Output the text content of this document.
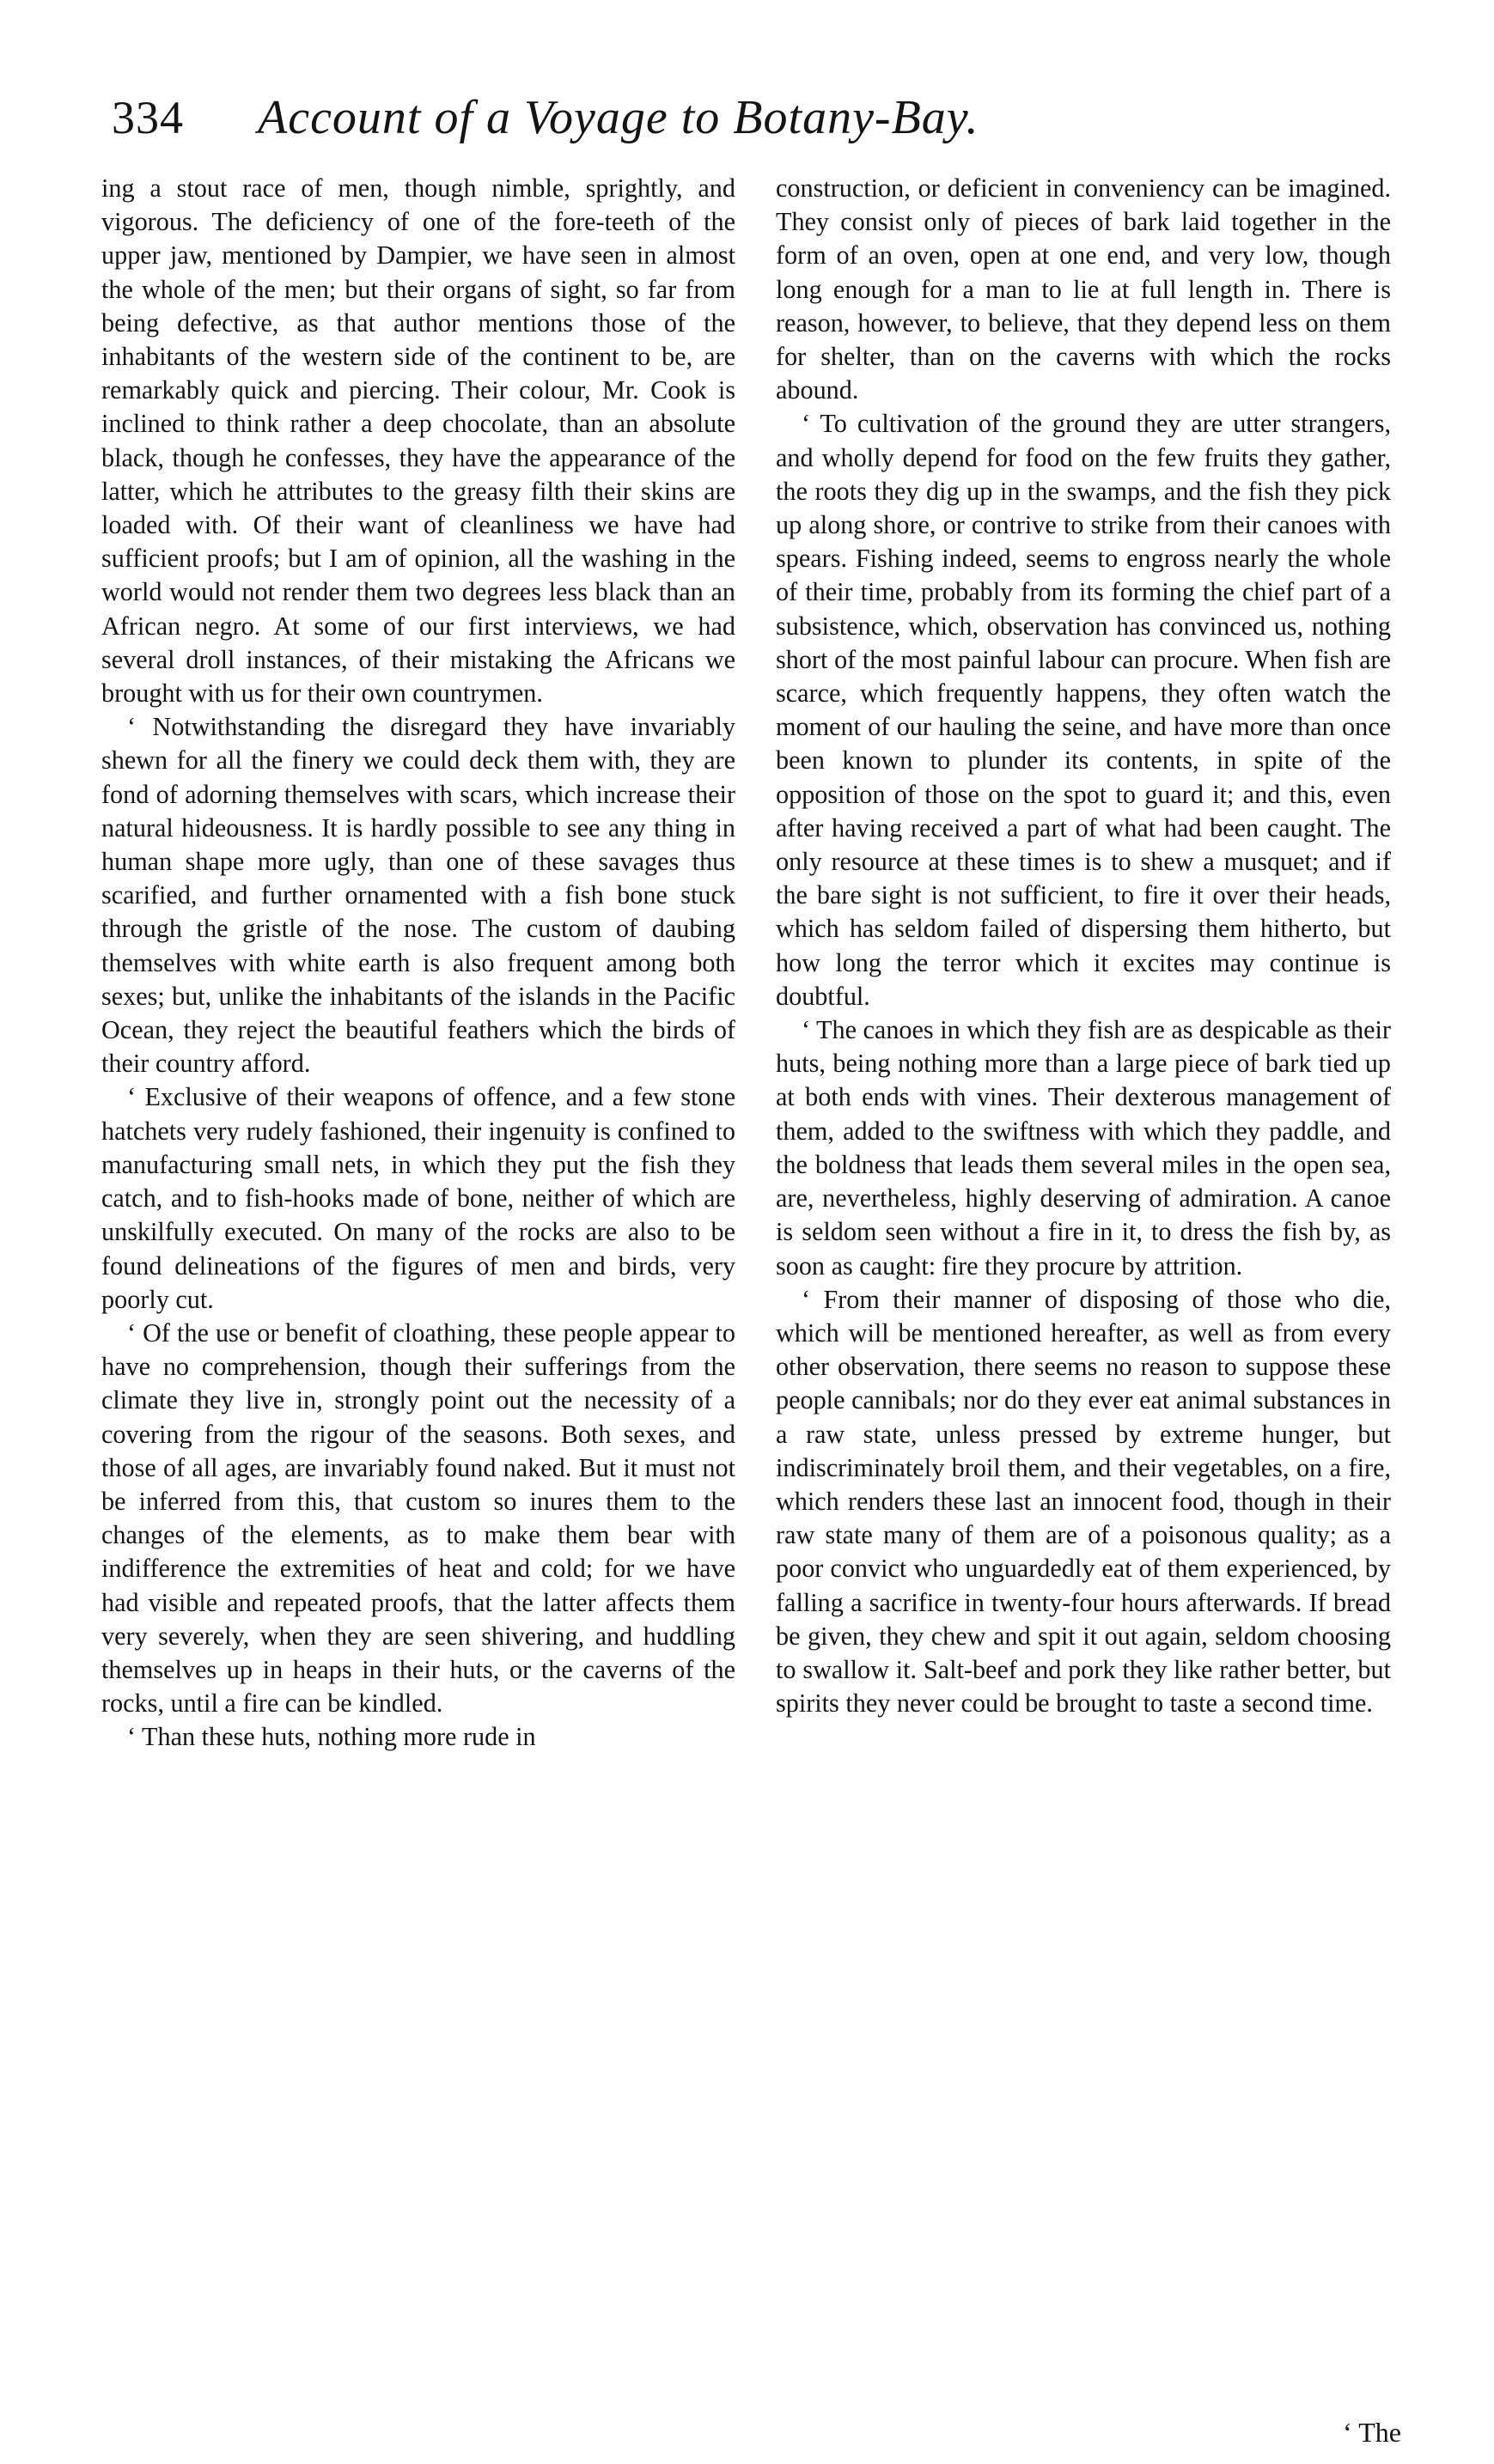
334 Account of a Voyage to Botany-Bay.

ing a stout race of men, though nimble, sprightly, and vigorous. The deficiency of one of the fore-teeth of the upper jaw, mentioned by Dampier, we have seen in almost the whole of the men; but their organs of sight, so far from being defective, as that author mentions those of the inhabitants of the western side of the continent to be, are remarkably quick and piercing. Their colour, Mr. Cook is inclined to think rather a deep chocolate, than an absolute black, though he confesses, they have the appearance of the latter, which he attributes to the greasy filth their skins are loaded with. Of their want of cleanliness we have had sufficient proofs; but I am of opinion, all the washing in the world would not render them two degrees less black than an African negro. At some of our first interviews, we had several droll instances, of their mistaking the Africans we brought with us for their own countrymen.

‘ Notwithstanding the disregard they have invariably shewn for all the finery we could deck them with, they are fond of adorning themselves with scars, which increase their natural hideousness. It is hardly possible to see any thing in human shape more ugly, than one of these savages thus scarified, and further ornamented with a fish bone stuck through the gristle of the nose. The custom of daubing themselves with white earth is also frequent among both sexes; but, unlike the inhabitants of the islands in the Pacific Ocean, they reject the beautiful feathers which the birds of their country afford.

‘ Exclusive of their weapons of offence, and a few stone hatchets very rudely fashioned, their ingenuity is confined to manufacturing small nets, in which they put the fish they catch, and to fish-hooks made of bone, neither of which are unskilfully executed. On many of the rocks are also to be found delineations of the figures of men and birds, very poorly cut.

‘ Of the use or benefit of cloathing, these people appear to have no comprehension, though their sufferings from the climate they live in, strongly point out the necessity of a covering from the rigour of the seasons. Both sexes, and those of all ages, are invariably found naked. But it must not be inferred from this, that custom so inures them to the changes of the elements, as to make them bear with indifference the extremities of heat and cold; for we have had visible and repeated proofs, that the latter affects them very severely, when they are seen shivering, and huddling themselves up in heaps in their huts, or the caverns of the rocks, until a fire can be kindled.

‘ Than these huts, nothing more rude in

construction, or deficient in conveniency can be imagined. They consist only of pieces of bark laid together in the form of an oven, open at one end, and very low, though long enough for a man to lie at full length in. There is reason, however, to believe, that they depend less on them for shelter, than on the caverns with which the rocks abound.

‘ To cultivation of the ground they are utter strangers, and wholly depend for food on the few fruits they gather, the roots they dig up in the swamps, and the fish they pick up along shore, or contrive to strike from their canoes with spears. Fishing indeed, seems to engross nearly the whole of their time, probably from its forming the chief part of a subsistence, which, observation has convinced us, nothing short of the most painful labour can procure. When fish are scarce, which frequently happens, they often watch the moment of our hauling the seine, and have more than once been known to plunder its contents, in spite of the opposition of those on the spot to guard it; and this, even after having received a part of what had been caught. The only resource at these times is to shew a musquet; and if the bare sight is not sufficient, to fire it over their heads, which has seldom failed of dispersing them hitherto, but how long the terror which it excites may continue is doubtful.

‘ The canoes in which they fish are as despicable as their huts, being nothing more than a large piece of bark tied up at both ends with vines. Their dexterous management of them, added to the swiftness with which they paddle, and the boldness that leads them several miles in the open sea, are, nevertheless, highly deserving of admiration. A canoe is seldom seen without a fire in it, to dress the fish by, as soon as caught: fire they procure by attrition.

‘ From their manner of disposing of those who die, which will be mentioned hereafter, as well as from every other observation, there seems no reason to suppose these people cannibals; nor do they ever eat animal substances in a raw state, unless pressed by extreme hunger, but indiscriminately broil them, and their vegetables, on a fire, which renders these last an innocent food, though in their raw state many of them are of a poisonous quality; as a poor convict who unguardedly eat of them experienced, by falling a sacrifice in twenty-four hours afterwards. If bread be given, they chew and spit it out again, seldom choosing to swallow it. Salt-beef and pork they like rather better, but spirits they never could be brought to taste a second time.

‘ The
